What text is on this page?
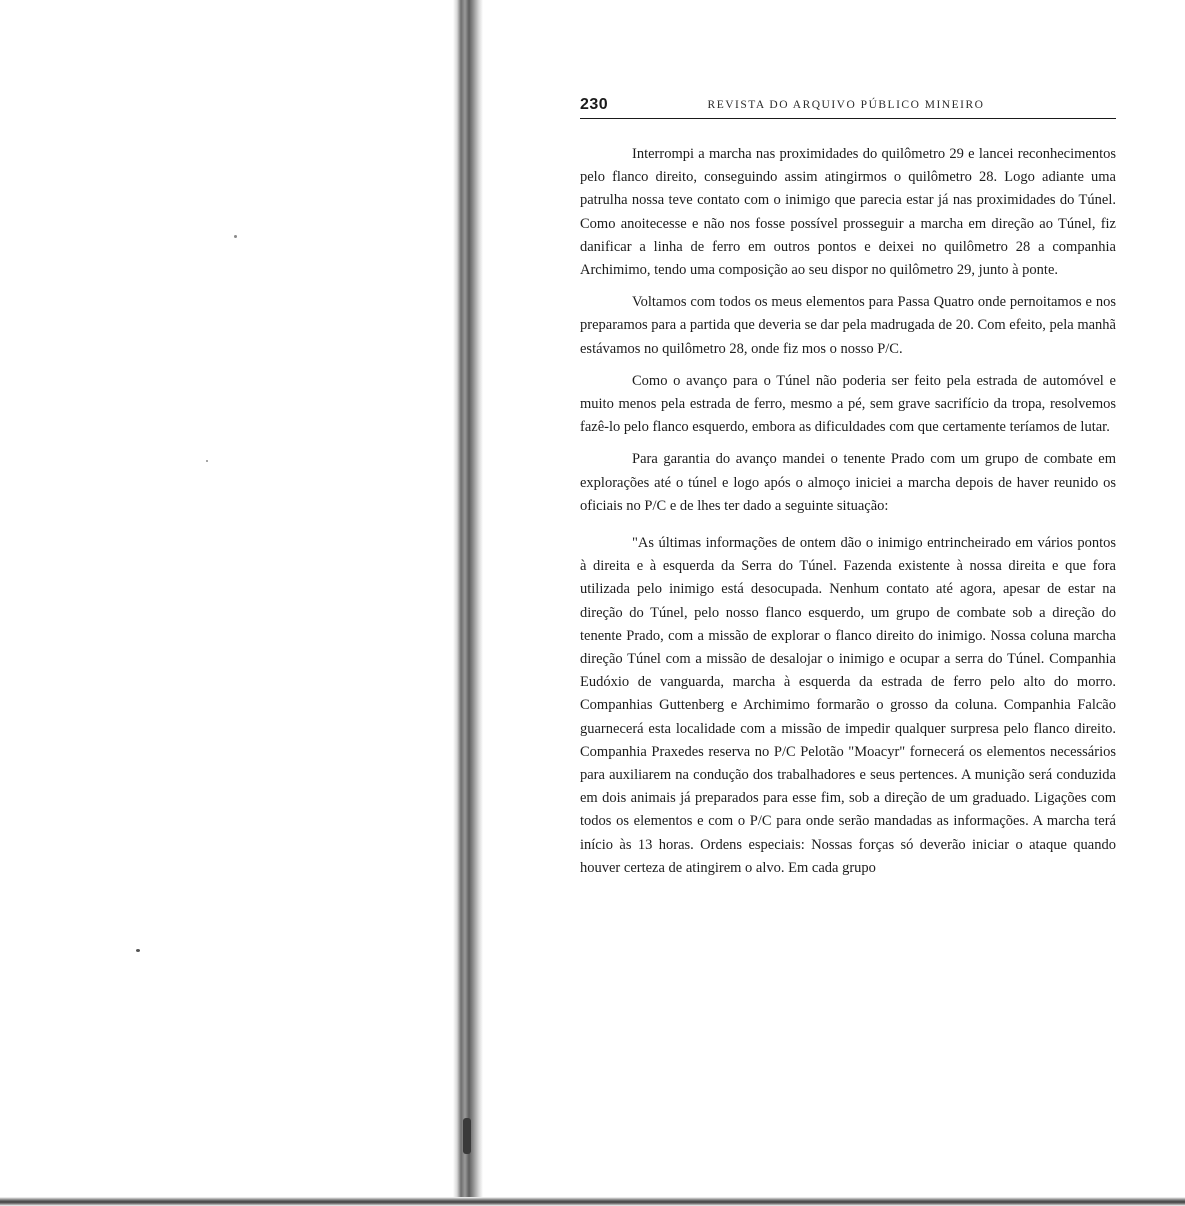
230	REVISTA DO ARQUIVO PÚBLICO MINEIRO

Interrompi a marcha nas proximidades do quilômetro 29 e lancei reconhecimentos pelo flanco direito, conseguindo assim atingirmos o quilômetro 28. Logo adiante uma patrulha nossa teve contato com o inimigo que parecia estar já nas proximidades do Túnel. Como anoitecesse e não nos fosse possível prosseguir a marcha em direção ao Túnel, fiz danificar a linha de ferro em outros pontos e deixei no quilômetro 28 a companhia Archimimo, tendo uma composição ao seu dispor no quilômetro 29, junto à ponte.

Voltamos com todos os meus elementos para Passa Quatro onde pernoitamos e nos preparamos para a partida que deveria se dar pela madrugada de 20. Com efeito, pela manhã estávamos no quilômetro 28, onde fiz mos o nosso P/C.

Como o avanço para o Túnel não poderia ser feito pela estrada de automóvel e muito menos pela estrada de ferro, mesmo a pé, sem grave sacrifício da tropa, resolvemos fazê-lo pelo flanco esquerdo, embora as dificuldades com que certamente teríamos de lutar.

Para garantia do avanço mandei o tenente Prado com um grupo de combate em explorações até o túnel e logo após o almoço iniciei a marcha depois de haver reunido os oficiais no P/C e de lhes ter dado a seguinte situação:

"As últimas informações de ontem dão o inimigo entrincheirado em vários pontos à direita e à esquerda da Serra do Túnel. Fazenda existente à nossa direita e que fora utilizada pelo inimigo está desocupada. Nenhum contato até agora, apesar de estar na direção do Túnel, pelo nosso flanco esquerdo, um grupo de combate sob a direção do tenente Prado, com a missão de explorar o flanco direito do inimigo. Nossa coluna marcha direção Túnel com a missão de desalojar o inimigo e ocupar a serra do Túnel. Companhia Eudóxio de vanguarda, marcha à esquerda da estrada de ferro pelo alto do morro. Companhias Guttenberg e Archimimo formarão o grosso da coluna. Companhia Falcão guarnecerá esta localidade com a missão de impedir qualquer surpresa pelo flanco direito. Companhia Praxedes reserva no P/C Pelotão "Moacyr" fornecerá os elementos necessários para auxiliarem na condução dos trabalhadores e seus pertences. A munição será conduzida em dois animais já preparados para esse fim, sob a direção de um graduado. Ligações com todos os elementos e com o P/C para onde serão mandadas as informações. A marcha terá início às 13 horas. Ordens especiais: Nossas forças só deverão iniciar o ataque quando houver certeza de atingirem o alvo. Em cada grupo
